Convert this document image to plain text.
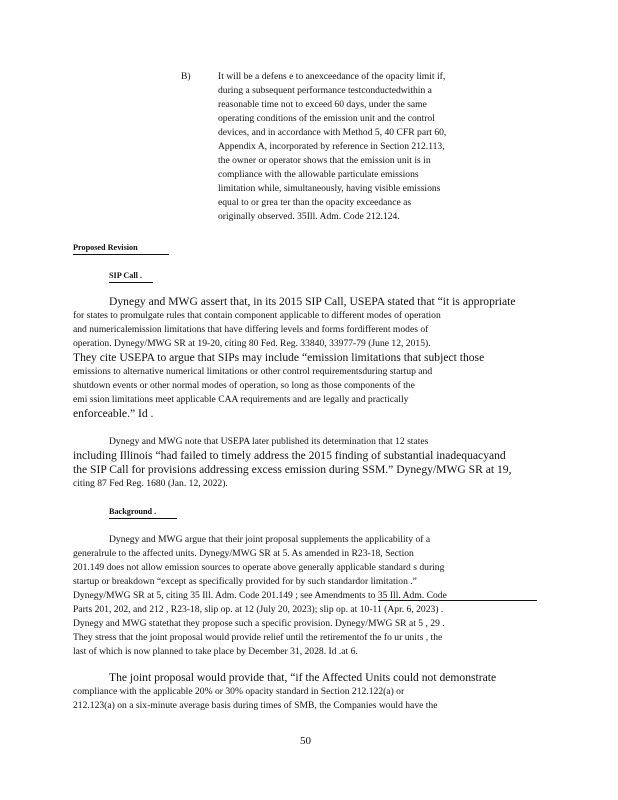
B)	It will be a defens e to anexceedance of the opacity limit if,
during a subsequent performance testconductedwithin a
reasonable time not to exceed 60 days, under the same
operating conditions of the emission unit and the control
devices, and in accordance with Method 5, 40 CFR part 60,
Appendix A, incorporated by reference in Section 212.113,
the owner or operator shows that the emission unit is in
compliance with the allowable particulate emissions
limitation while, simultaneously, having visible emissions
equal to or grea ter than the opacity exceedance as
originally observed. 35Ill. Adm. Code 212.124.
Proposed Revision
SIP Call .
Dynegy and MWG assert that, in its 2015 SIP Call, USEPA stated that “it is appropriate
for states to promulgate rules that contain component applicable to different modes of operation
and numericalemission limitations that have differing levels and forms fordifferent modes of
operation. Dynegy/MWG SR at 19-20, citing 80 Fed. Reg. 33840, 33977-79 (June 12, 2015).
They cite USEPA to argue that SIPs may include “emission limitations that subject those
emissions to alternative numerical limitations or other control requirementsduring startup and
shutdown events or other normal modes of operation, so long as those components of the
emi ssion limitations meet applicable CAA requirements and are legally and practically
enforceable.” Id .
Dynegy and MWG note that USEPA later published its determination that 12 states
including Illinois “had failed to timely address the 2015 finding of substantial inadequacyand
the SIP Call for provisions addressing excess emission during SSM.” Dynegy/MWG SR at 19,
citing 87 Fed Reg. 1680 (Jan. 12, 2022).
Background .
Dynegy and MWG argue that their joint proposal supplements the applicability of a
generalrule to the affected units. Dynegy/MWG SR at 5. As amended in R23-18, Section
201.149 does not allow emission sources to operate above generally applicable standard s during
startup or breakdown “except as specifically provided for by such standardor limitation .”
Dynegy/MWG SR at 5, citing 35 Ill. Adm. Code 201.149 ; see Amendments to 35 Ill. Adm. Code
Parts 201, 202, and 212 , R23-18, slip op. at 12 (July 20, 2023); slip op. at 10-11 (Apr. 6, 2023) .
Dynegy and MWG statethat they propose such a specific provision. Dynegy/MWG SR at 5 , 29 .
They stress that the joint proposal would provide relief until the retirementof the fo ur units , the
last of which is now planned to take place by December 31, 2028. Id .at 6.
The joint proposal would provide that, “if the Affected Units could not demonstrate
compliance with the applicable 20% or 30% opacity standard in Section 212.122(a) or
212.123(a) on a six-minute average basis during times of SMB, the Companies would have the
50
